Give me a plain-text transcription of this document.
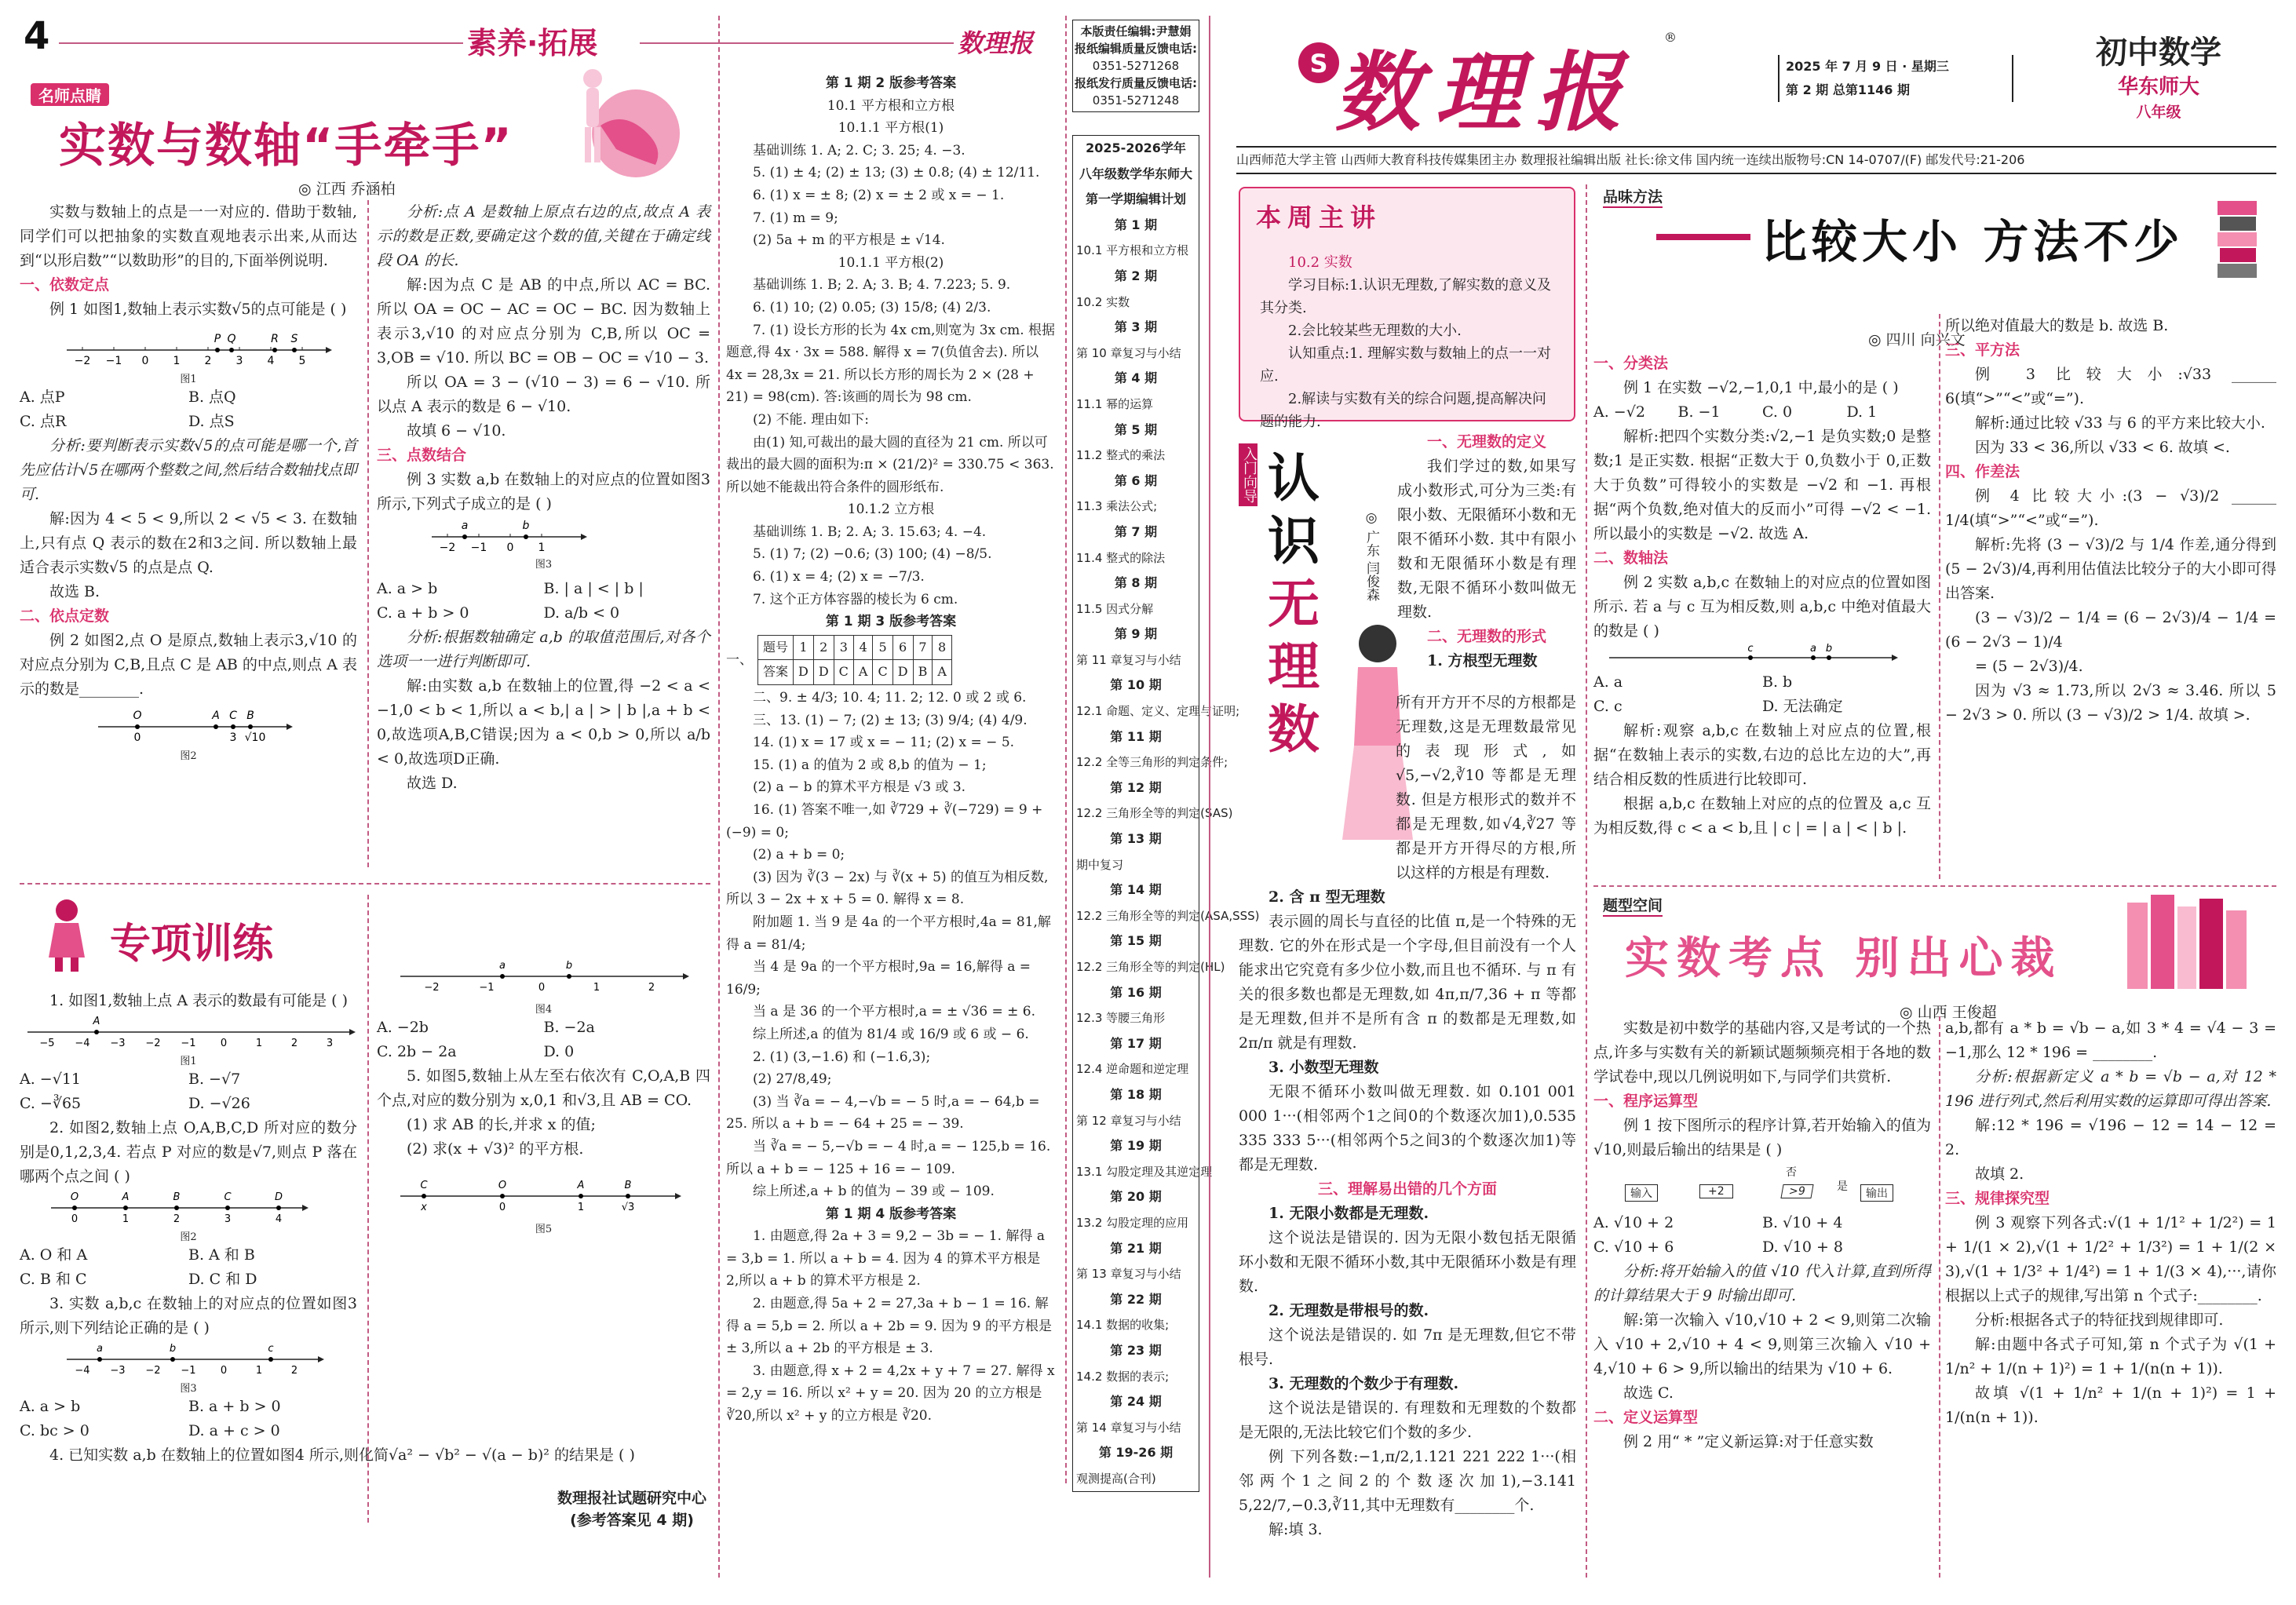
4	素养·拓展	数理报
名师点睛
实数与数轴“手牵手”
◎ 江西 乔涵柏

实数与数轴上的点是一一对应的. 借助于数轴,同学们可以把抽象的实数直观地表示出来,从而达到“以形启数”“以数助形”的目的,下面举例说明.

一、依数定点

例 1 如图1,数轴上表示实数√5的点可能是 ( )

−2 −1 0 1 2 3 4 5
P Q	R S
图1
A. 点P	B. 点Q
C. 点R	D. 点S

分析:要判断表示实数√5的点可能是哪一个,首先应估计√5在哪两个整数之间,然后结合数轴找点即可.

解:因为 4 < 5 < 9,所以 2 < √5 < 3. 在数轴上,只有点 Q 表示的数在2和3之间. 所以数轴上最适合表示实数√5 的点是点 Q.

故选 B.

二、依点定数

例 2 如图2,点 O 是原点,数轴上表示3,√10 的对应点分别为 C,B,且点 C 是 AB 的中点,则点 A 表示的数是________.

O
0
A C
3
B
√10
图2

分析:点 A 是数轴上原点右边的点,故点 A 表示的数是正数,要确定这个数的值,关键在于确定线段 OA 的长.

解:因为点 C 是 AB 的中点,所以 AC = BC. 所以 OA = OC − AC = OC − BC. 因为数轴上表示3,√10 的对应点分别为 C,B,所以 OC = 3,OB = √10. 所以 BC = OB − OC = √10 − 3.

所以 OA = 3 − (√10 − 3) = 6 − √10. 所以点 A 表示的数是 6 − √10.

故填 6 − √10.

三、点数结合

例 3 实数 a,b 在数轴上的对应点的位置如图3所示,下列式子成立的是 ( )

−2 −1 0 1
a	b
图3
A. a > b	B. | a | < | b |
C. a + b > 0	D. a/b < 0

分析:根据数轴确定 a,b 的取值范围后,对各个选项一一进行判断即可.

解:由实数 a,b 在数轴上的位置,得 −2 < a < −1,0 < b < 1,所以 a < b,| a | > | b |,a + b < 0,故选项A,B,C错误;因为 a < 0,b > 0,所以 a/b < 0,故选项D正确.

故选 D.

专项训练

1. 如图1,数轴上点 A 表示的数最有可能是 ( )

−5 −4 −3 −2 −1 0	1	2	3
A
图1
A. −√11	B. −√7
C. −∛65	D. −√26

2. 如图2,数轴上点 O,A,B,C,D 所对应的数分别是0,1,2,3,4. 若点 P 对应的数是√7,则点 P 落在哪两个点之间 ( )

O
0
A
1
B
2
C
3
D
4
图2
A. O 和 A	B. A 和 B
C. B 和 C	D. C 和 D

3. 实数 a,b,c 在数轴上的对应点的位置如图3所示,则下列结论正确的是 ( )

−4 −3 −2 −1 0	1	2
a	b	c
图3
A. a > b	B. a + b > 0
C. bc > 0	D. a + c > 0

4. 已知实数 a,b 在数轴上的位置如图4 所示,则化简√a² − √b² − √(a − b)² 的结果是 ( )

−2	−1	0	1	2
a	b
图4
A. −2b	B. −2a
C. 2b − 2a	D. 0

5. 如图5,数轴上从左至右依次有 C,O,A,B 四个点,对应的数分别为 x,0,1 和√3,且 AB = CO.

(1) 求 AB 的长,并求 x 的值;

(2) 求(x + √3)² 的平方根.

C
x
O
0
A
1
B
√3
图5
数理报社试题研究中心
(参考答案见 4 期)
第 1 期 2 版参考答案
10.1 平方根和立方根
10.1.1 平方根(1)
基础训练 1. A; 2. C; 3. 25; 4. −3.
5. (1) ± 4; (2) ± 13; (3) ± 0.8; (4) ± 12/11.
6. (1) x = ± 8; (2) x = ± 2 或 x = − 1.
7. (1) m = 9;
(2) 5a + m 的平方根是 ± √14.
10.1.1 平方根(2)
基础训练 1. B; 2. A; 3. B; 4. 7.223; 5. 9.
6. (1) 10; (2) 0.05; (3) 15/8; (4) 2/3.
7. (1) 设长方形的长为 4x cm,则宽为 3x cm. 根据题意,得 4x · 3x = 588. 解得 x = 7(负值舍去). 所以 4x = 28,3x = 21. 所以长方形的周长为 2 × (28 + 21) = 98(cm). 答:该画的周长为 98 cm.
(2) 不能. 理由如下:
由(1) 知,可裁出的最大圆的直径为 21 cm. 所以可裁出的最大圆的面积为:π × (21/2)² = 330.75 < 363. 所以她不能裁出符合条件的圆形纸布.
10.1.2 立方根
基础训练 1. B; 2. A; 3. 15.63; 4. −4.
5. (1) 7; (2) −0.6; (3) 100; (4) −8/5.
6. (1) x = 4; (2) x = −7/3.
7. 这个正方体容器的棱长为 6 cm.
第 1 期 3 版参考答案
一、
题号	1	2	3	4	5	6	7	8
答案	D	D	C	A	C	D	B	A
二、9. ± 4/3; 10. 4; 11. 2; 12. 0 或 2 或 6.
三、13. (1) − 7; (2) ± 13; (3) 9/4; (4) 4/9.
14. (1) x = 17 或 x = − 11; (2) x = − 5.
15. (1) a 的值为 2 或 8,b 的值为 − 1;
(2) a − b 的算术平方根是 √3 或 3.
16. (1) 答案不唯一,如 ∛729 + ∛(−729) = 9 + (−9) = 0;
(2) a + b = 0;
(3) 因为 ∛(3 − 2x) 与 ∛(x + 5) 的值互为相反数,所以 3 − 2x + x + 5 = 0. 解得 x = 8.
附加题 1. 当 9 是 4a 的一个平方根时,4a = 81,解得 a = 81/4;
当 4 是 9a 的一个平方根时,9a = 16,解得 a = 16/9;
当 a 是 36 的一个平方根时,a = ± √36 = ± 6.
综上所述,a 的值为 81/4 或 16/9 或 6 或 − 6.
2. (1) (3,−1.6) 和 (−1.6,3);
(2) 27/8,49;
(3) 当 ∛a = − 4,−√b = − 5 时,a = − 64,b = 25. 所以 a + b = − 64 + 25 = − 39.
当 ∛a = − 5,−√b = − 4 时,a = − 125,b = 16. 所以 a + b = − 125 + 16 = − 109.
综上所述,a + b 的值为 − 39 或 − 109.
第 1 期 4 版参考答案
1. 由题意,得 2a + 3 = 9,2 − 3b = − 1. 解得 a = 3,b = 1. 所以 a + b = 4. 因为 4 的算术平方根是 2,所以 a + b 的算术平方根是 2.
2. 由题意,得 5a + 2 = 27,3a + b − 1 = 16. 解得 a = 5,b = 2. 所以 a + 2b = 9. 因为 9 的平方根是 ± 3,所以 a + 2b 的平方根是 ± 3.
3. 由题意,得 x + 2 = 4,2x + y + 7 = 27. 解得 x = 2,y = 16. 所以 x² + y = 20. 因为 20 的立方根是 ∛20,所以 x² + y 的立方根是 ∛20.
本版责任编辑:尹慧娟
报纸编辑质量反馈电话:
0351-5271268
报纸发行质量反馈电话:
0351-5271248
2025-2026学年
八年级数学华东师大
第一学期编辑计划
第 1 期
10.1 平方根和立方根
第 2 期
10.2 实数
第 3 期
第 10 章复习与小结
第 4 期
11.1 幂的运算
第 5 期
11.2 整式的乘法
第 6 期
11.3 乘法公式;
第 7 期
11.4 整式的除法
第 8 期
11.5 因式分解
第 9 期
第 11 章复习与小结
第 10 期
12.1 命题、定义、定理与证明;
第 11 期
12.2 全等三角形的判定条件;
第 12 期
12.2 三角形全等的判定(SAS)
第 13 期
期中复习
第 14 期
12.2 三角形全等的判定(ASA,SSS)
第 15 期
12.2 三角形全等的判定(HL)
第 16 期
12.3 等腰三角形
第 17 期
12.4 逆命题和逆定理
第 18 期
第 12 章复习与小结
第 19 期
13.1 勾股定理及其逆定理
第 20 期
13.2 勾股定理的应用
第 21 期
第 13 章复习与小结
第 22 期
14.1 数据的收集;
第 23 期
14.2 数据的表示;
第 24 期
第 14 章复习与小结
第 19-26 期
观测提高(合刊)
S 数理报
®
2025 年 7 月 9 日 · 星期三
第 2 期 总第1146 期
初中数学
华东师大
八年级
山西师范大学主管 山西师大教育科技传媒集团主办 数理报社编辑出版 社长:徐文伟 国内统一连续出版物号:CN 14-0707/(F) 邮发代号:21-206
本周主讲
10.2 实数
学习目标:1.认识无理数,了解实数的意义及其分类.
2.会比较某些无理数的大小.
认知重点:1. 理解实数与数轴上的点一一对应.
2.解读与实数有关的综合问题,提高解决问题的能力.
入门向导 认
识
无
理
数
◎ 广东 闫俊森
一、无理数的定义

我们学过的数,如果写成小数形式,可分为三类:有限小数、无限循环小数和无限不循环小数. 其中有限小数和无限循环小数是有理数,无限不循环小数叫做无理数.

二、无理数的形式

1. 方根型无理数

所有开方开不尽的方根都是无理数,这是无理数最常见的表现形式,如√5,−√2,∛10 等都是无理数. 但是方根形式的数并不都是无理数,如√4,∛27 等都是开方开得尽的方根,所以这样的方根是有理数.

2. 含 π 型无理数

表示圆的周长与直径的比值 π,是一个特殊的无理数. 它的外在形式是一个字母,但目前没有一个人能求出它究竟有多少位小数,而且也不循环. 与 π 有关的很多数也都是无理数,如 4π,π/7,36 + π 等都是无理数,但并不是所有含 π 的数都是无理数,如 2π/π 就是有理数.

3. 小数型无理数

无限不循环小数叫做无理数. 如 0.101 001 000 1···(相邻两个1之间0的个数逐次加1),0.535 335 333 5···(相邻两个5之间3的个数逐次加1)等都是无理数.

三、理解易出错的几个方面

1. 无限小数都是无理数.

这个说法是错误的. 因为无限小数包括无限循环小数和无限不循环小数,其中无限循环小数是有理数.

2. 无理数是带根号的数.

这个说法是错误的. 如 7π 是无理数,但它不带根号.

3. 无理数的个数少于有理数.

这个说法是错误的. 有理数和无理数的个数都是无限的,无法比较它们个数的多少.

例 下列各数:−1,π/2,1.121 221 222 1···(相邻两个1之间2的个数逐次加1),−3.141 5,22/7,−0.3̇,∛11,其中无理数有________个.

解:填 3.

品味方法
比较大小 方法不少
◎ 四川 向兴文
一、分类法

例 1 在实数 −√2,−1,0,1 中,最小的是 ( )

A. −√2	B. −1	C. 0	D. 1

解析:把四个实数分类:√2,−1 是负实数;0 是整数;1 是正实数. 根据“正数大于 0,负数小于 0,正数大于负数”可得较小的实数是 −√2 和 −1. 再根据“两个负数,绝对值大的反而小”可得 −√2 < −1. 所以最小的实数是 −√2. 故选 A.

二、数轴法

例 2 实数 a,b,c 在数轴上的对应点的位置如图所示. 若 a 与 c 互为相反数,则 a,b,c 中绝对值最大的数是 ( )

c	a b
A. a	B. b
C. c	D. 无法确定

解析:观察 a,b,c 在数轴上对应点的位置,根据“在数轴上表示的实数,右边的总比左边的大”,再结合相反数的性质进行比较即可.

根据 a,b,c 在数轴上对应的点的位置及 a,c 互为相反数,得 c < a < b,且 | c | = | a | < | b |.

所以绝对值最大的数是 b. 故选 B.

三、平方法

例 3 比较大小:√33 ______ 6(填“>”“<”或“=”).

解析:通过比较 √33 与 6 的平方来比较大小.

因为 33 < 36,所以 √33 < 6. 故填 <.

四、作差法

例 4 比较大小:(3 − √3)/2 ______ 1/4(填“>”“<”或“=”).

解析:先将 (3 − √3)/2 与 1/4 作差,通分得到 (5 − 2√3)/4,再利用估值法比较分子的大小即可得出答案.

(3 − √3)/2 − 1/4 = (6 − 2√3)/4 − 1/4 = (6 − 2√3 − 1)/4

= (5 − 2√3)/4.

因为 √3 ≈ 1.73,所以 2√3 ≈ 3.46. 所以 5 − 2√3 > 0. 所以 (3 − √3)/2 > 1/4. 故填 >.

题型空间
实数考点 别出心裁
◎ 山西 王俊超

实数是初中数学的基础内容,又是考试的一个热点,许多与实数有关的新颖试题频频亮相于各地的数学试卷中,现以几例说明如下,与同学们共赏析.

一、程序运算型

例 1 按下图所示的程序计算,若开始输入的值为 √10,则最后输出的结果是 ( )

输入	+2
否
>9	是
输出
A. √10 + 2	B. √10 + 4
C. √10 + 6	D. √10 + 8

分析:将开始输入的值 √10 代入计算,直到所得的计算结果大于 9 时输出即可.

解:第一次输入 √10,√10 + 2 < 9,则第二次输入 √10 + 2,√10 + 4 < 9,则第三次输入 √10 + 4,√10 + 6 > 9,所以输出的结果为 √10 + 6.

故选 C.

二、定义运算型

例 2 用“ * ”定义新运算:对于任意实数

a,b,都有 a * b = √b − a,如 3 * 4 = √4 − 3 = −1,那么 12 * 196 = ________.

分析:根据新定义 a * b = √b − a,对 12 * 196 进行列式,然后利用实数的运算即可得出答案.

解:12 * 196 = √196 − 12 = 14 − 12 = 2.

故填 2.

三、规律探究型

例 3 观察下列各式:√(1 + 1/1² + 1/2²) = 1 + 1/(1 × 2),√(1 + 1/2² + 1/3²) = 1 + 1/(2 × 3),√(1 + 1/3² + 1/4²) = 1 + 1/(3 × 4),···,请你根据以上式子的规律,写出第 n 个式子:________.

分析:根据各式子的特征找到规律即可.

解:由题中各式子可知,第 n 个式子为 √(1 + 1/n² + 1/(n + 1)²) = 1 + 1/(n(n + 1)).

故填 √(1 + 1/n² + 1/(n + 1)²) = 1 + 1/(n(n + 1)).
